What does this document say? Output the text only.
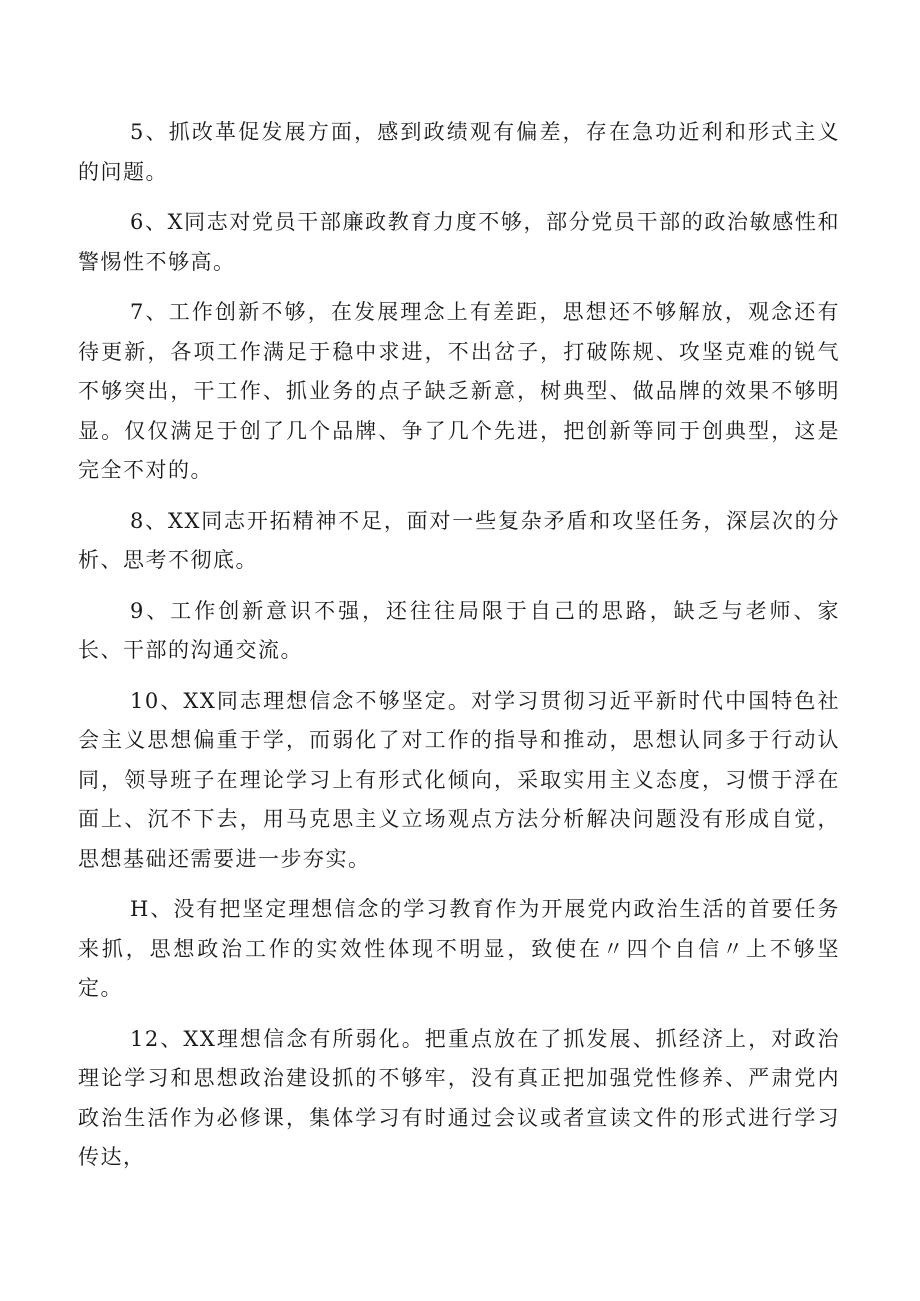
5、抓改革促发展方面，感到政绩观有偏差，存在急功近利和形式主义的问题。

6、X同志对党员干部廉政教育力度不够，部分党员干部的政治敏感性和警惕性不够高。

7、工作创新不够，在发展理念上有差距，思想还不够解放，观念还有待更新，各项工作满足于稳中求进，不出岔子，打破陈规、攻坚克难的锐气不够突出，干工作、抓业务的点子缺乏新意，树典型、做品牌的效果不够明显。仅仅满足于创了几个品牌、争了几个先进，把创新等同于创典型，这是完全不对的。

8、XX同志开拓精神不足，面对一些复杂矛盾和攻坚任务，深层次的分析、思考不彻底。

9、工作创新意识不强，还往往局限于自己的思路，缺乏与老师、家长、干部的沟通交流。

10、XX同志理想信念不够坚定。对学习贯彻习近平新时代中国特色社会主义思想偏重于学，而弱化了对工作的指导和推动，思想认同多于行动认同，领导班子在理论学习上有形式化倾向，采取实用主义态度，习惯于浮在面上、沉不下去，用马克思主义立场观点方法分析解决问题没有形成自觉，思想基础还需要进一步夯实。

H、没有把坚定理想信念的学习教育作为开展党内政治生活的首要任务来抓，思想政治工作的实效性体现不明显，致使在〃四个自信〃上不够坚定。

12、XX理想信念有所弱化。把重点放在了抓发展、抓经济上，对政治理论学习和思想政治建设抓的不够牢，没有真正把加强党性修养、严肃党内政治生活作为必修课，集体学习有时通过会议或者宣读文件的形式进行学习传达，
